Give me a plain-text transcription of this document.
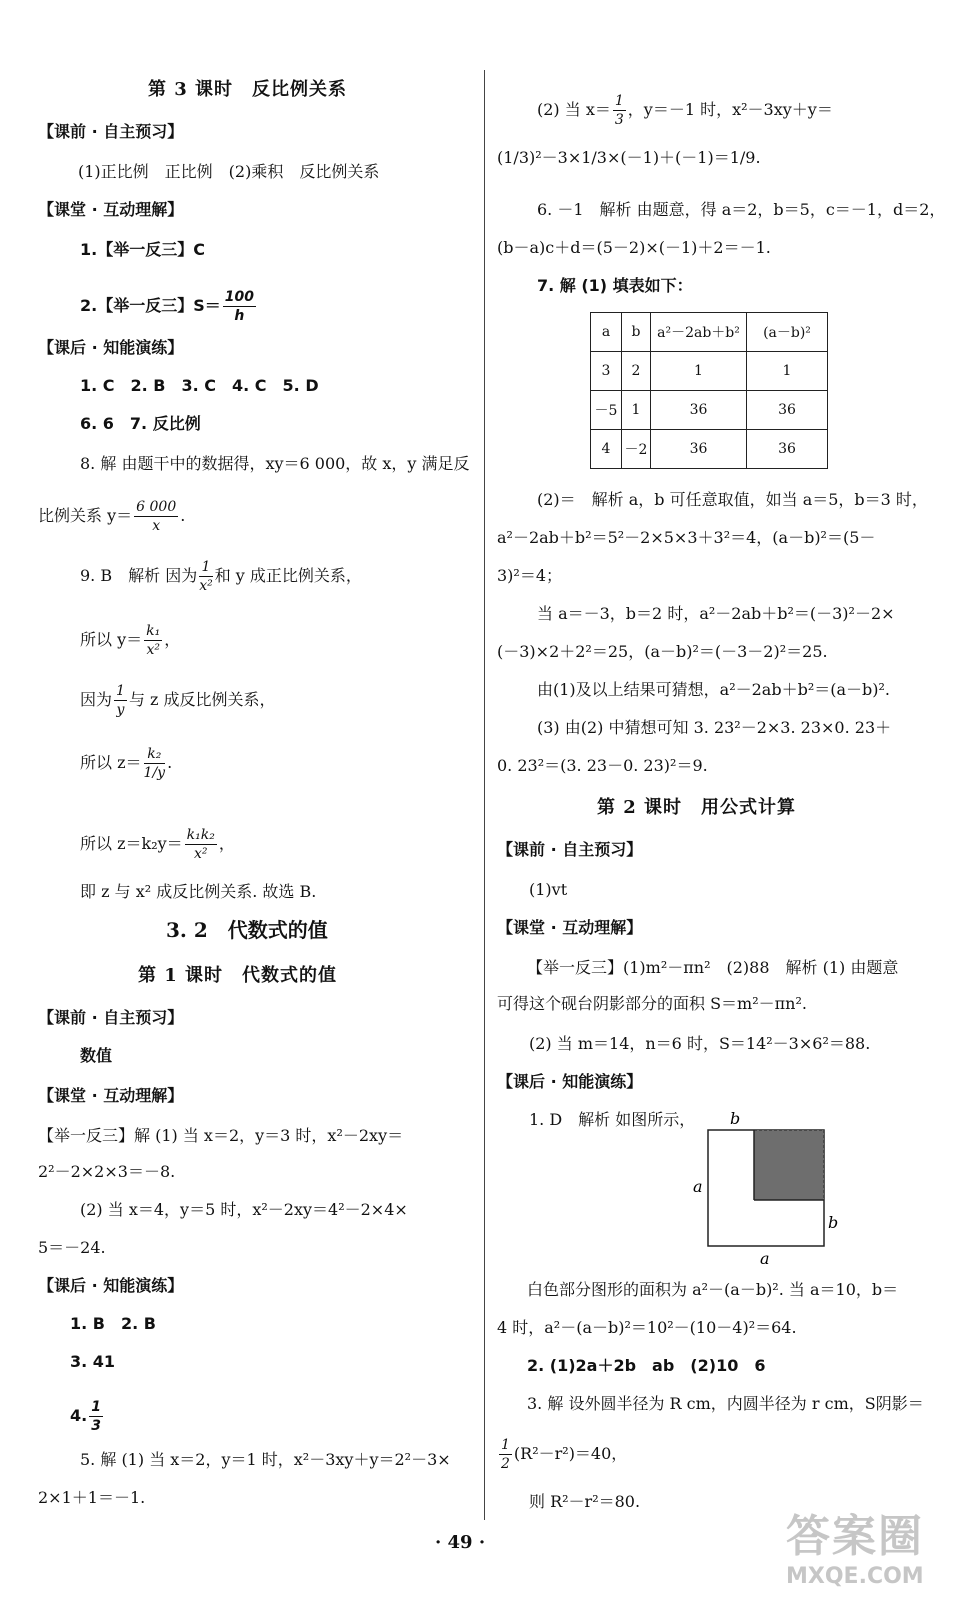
第 3 课时　反比例关系
【课前 · 自主预习】
(1)正比例　正比例　(2)乘积　反比例关系
【课堂 · 互动理解】
1.【举一反三】C
2.【举一反三】$S= \frac{100}{h}$
【课后 · 知能演练】
1. C　2. B　3. C　4. C　5. D
6. 6　7. 反比例
8. 解 由题干中的数据得，xy＝6 000，故 x，y 满足反
比例关系 $y= \frac{6 000}{x}$ .
9. B　解析 因为 $\frac{1}{\text{x²}}$ 和 y 成正比例关系，
所以 $y= \frac{\text{k₁}}{\text{x²}}$ ，
因为 $\frac{1}{y}$ 与 z 成反比例关系，
所以 $z= \frac{\text{k₂}}{1/y}$ .
所以 $z=k_2y= \frac{\text{k₁k₂}}{\text{x²}}$ ，
即 z 与 x² 成反比例关系. 故选 B.
3. 2　代数式的值
第 1 课时　代数式的值
【课前 · 自主预习】
数值
【课堂 · 互动理解】
【举一反三】解 (1) 当 x＝2，y＝3 时，x²－2xy＝
2²－2×2×3＝－8.
(2) 当 x＝4，y＝5 时，x²－2xy＝4²－2×4×
5＝－24.
【课后 · 知能演练】
1. B　2. B
3. 41
4. $\frac{1}{3}$
5. 解 (1) 当 x＝2，y＝1 时，x²－3xy＋y＝2²－3×
2×1＋1＝－1.
(2) 当 $x= \frac{1}{3}$ ，y＝－1 时，x²－3xy＋y＝
(1/3)²－3×1/3×(－1)＋(－1)＝1/9.
6. －1　解析 由题意，得 a＝2，b＝5，c＝－1，d＝2，
(b－a)c＋d＝(5－2)×(－1)＋2＝－1.
7. 解 (1) 填表如下：
a	b	a²－2ab＋b²	(a－b)²
3	2	1	1
－5	1	36	36
4	－2	36	36
(2)＝　解析 a，b 可任意取值，如当 a＝5，b＝3 时，
a²－2ab＋b²＝5²－2×5×3＋3²＝4，(a－b)²＝(5－
3)²＝4；
当 a＝－3，b＝2 时，a²－2ab＋b²＝(－3)²－2×
(－3)×2＋2²＝25，(a－b)²＝(－3－2)²＝25.
由(1)及以上结果可猜想，a²－2ab＋b²＝(a－b)².
(3) 由(2) 中猜想可知 3. 23²－2×3. 23×0. 23＋
0. 23²＝(3. 23－0. 23)²＝9.
第 2 课时　用公式计算
【课前 · 自主预习】
(1)vt
【课堂 · 互动理解】
【举一反三】(1)m²－πn²　(2)88　解析 (1) 由题意
可得这个砚台阴影部分的面积 S＝m²－πn².
(2) 当 m＝14，n＝6 时，S＝14²－3×6²＝88.
【课后 · 知能演练】
1. D　解析 如图所示， b
a
b
a
白色部分图形的面积为 a²－(a－b)². 当 a＝10，b＝
4 时，a²－(a－b)²＝10²－(10－4)²＝64.
2. (1)2a＋2b　ab　(2)10　6
3. 解 设外圆半径为 R cm，内圆半径为 r cm，S阴影＝
$\frac{1}{2} (R^2-r^2)=40$，
则 R²－r²＝80.
· 49 ·	答案圈
MXQE.COM
